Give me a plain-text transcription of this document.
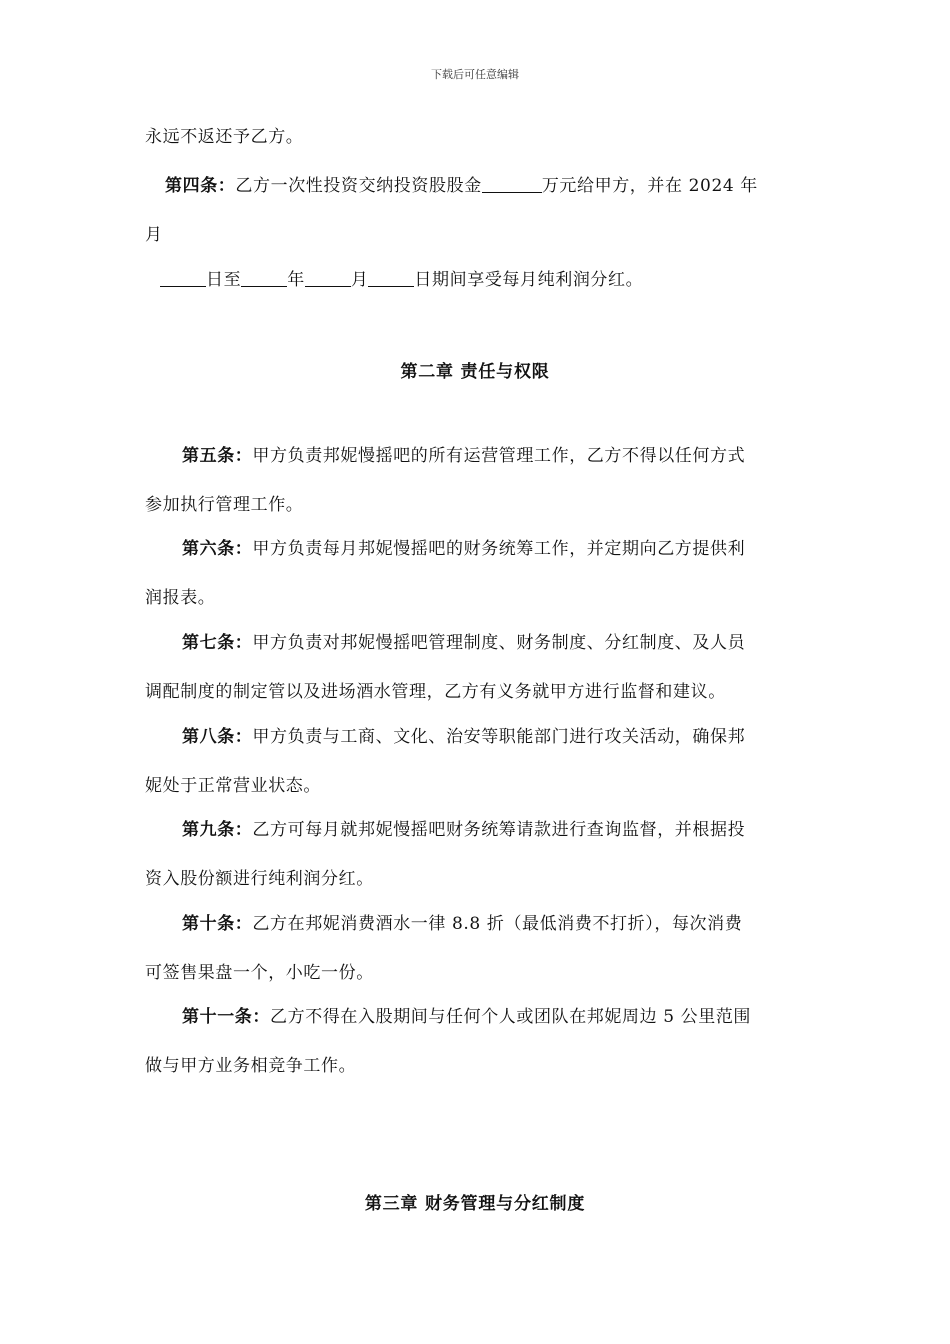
下载后可任意编辑
永远不返还予乙方。
第四条：乙方一次性投资交纳投资股股金	万元给甲方，并在 2024 年
月
日至	年	月	日期间享受每月纯利润分红。
第二章 责任与权限
第五条：甲方负责邦妮慢摇吧的所有运营管理工作，乙方不得以任何方式
参加执行管理工作。
第六条：甲方负责每月邦妮慢摇吧的财务统筹工作，并定期向乙方提供利
润报表。
第七条：甲方负责对邦妮慢摇吧管理制度、财务制度、分红制度、及人员
调配制度的制定管以及进场酒水管理，乙方有义务就甲方进行监督和建议。
第八条：甲方负责与工商、文化、治安等职能部门进行攻关活动，确保邦
妮处于正常营业状态。
第九条：乙方可每月就邦妮慢摇吧财务统筹请款进行查询监督，并根据投
资入股份额进行纯利润分红。
第十条：乙方在邦妮消费酒水一律 8.8 折（最低消费不打折），每次消费
可签售果盘一个，小吃一份。
第十一条：乙方不得在入股期间与任何个人或团队在邦妮周边 5 公里范围
做与甲方业务相竞争工作。
第三章 财务管理与分红制度
